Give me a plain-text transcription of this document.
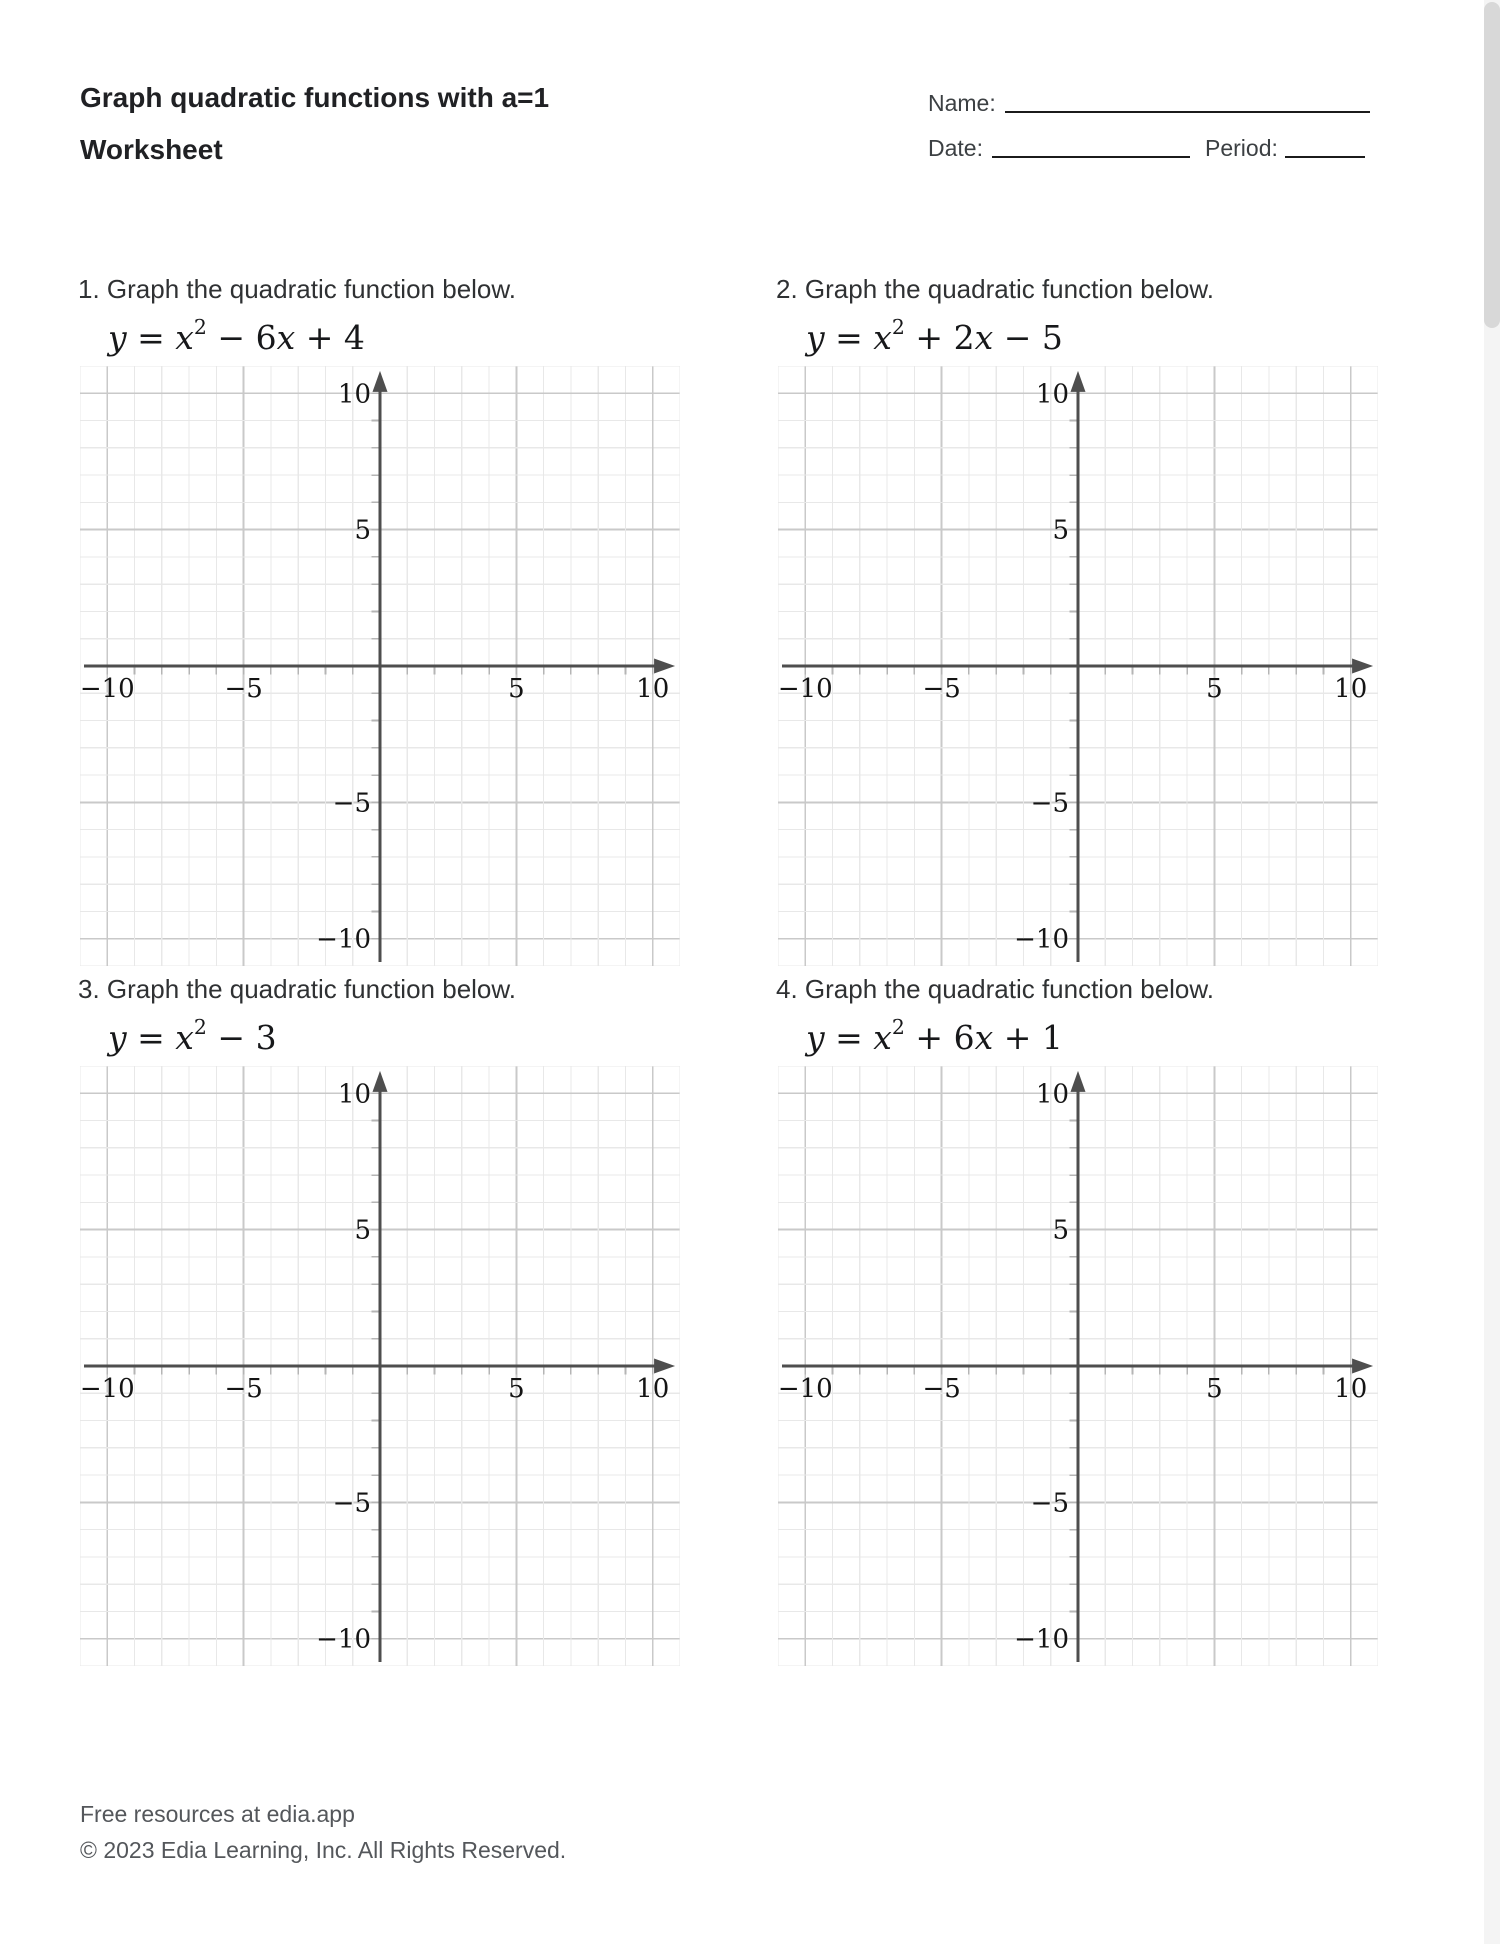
Graph quadratic functions with a=1
Worksheet
Name:
Date:	Period:
1. Graph the quadratic function below.
$y = x^2 - 6x + 4$
−10
−10
−5
−5
5
5
10
10
2. Graph the quadratic function below.
$y = x^2 + 2x - 5$
−10
−10
−5
−5
5
5
10
10
3. Graph the quadratic function below.
$y = x^2 - 3$
−10
−10
−5
−5
5
5
10
10
4. Graph the quadratic function below.
$y = x^2 + 6x + 1$
−10
−10
−5
−5
5
5
10
10
Free resources at edia.app
© 2023 Edia Learning, Inc. All Rights Reserved.
